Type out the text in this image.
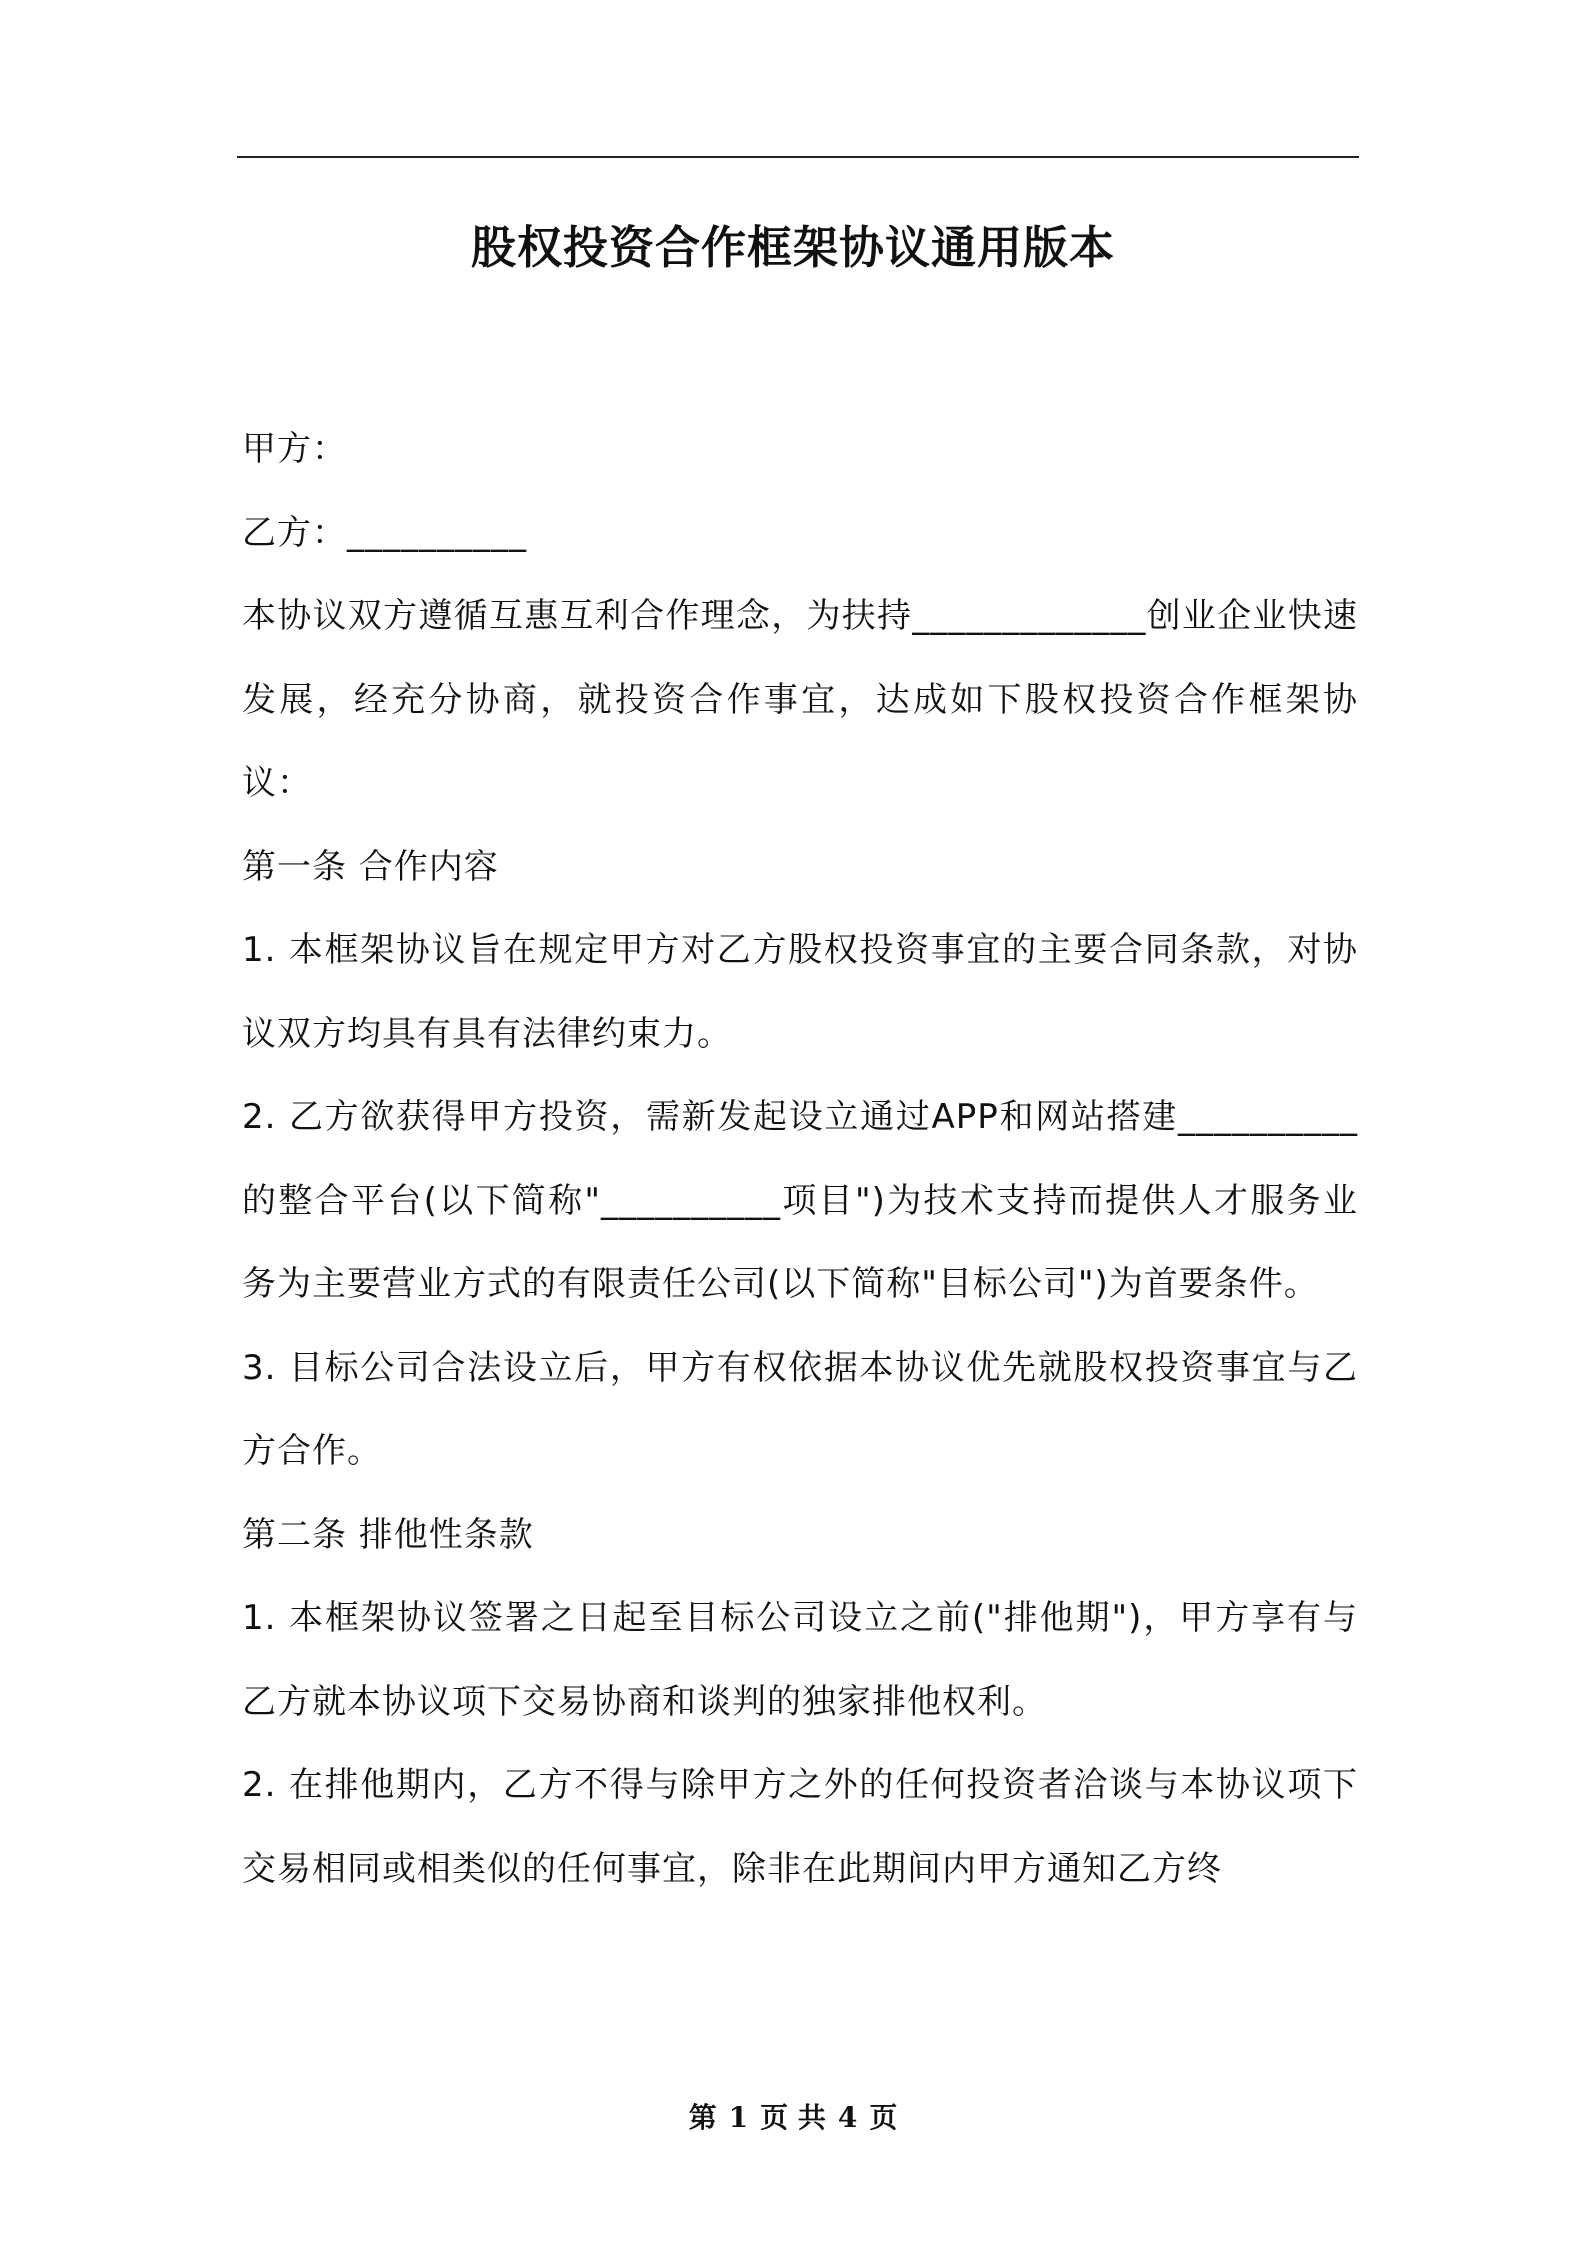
股权投资合作框架协议通用版本

甲方：

乙方：__________

本协议双方遵循互惠互利合作理念，为扶持_____________创业企业快速发展，经充分协商，就投资合作事宜，达成如下股权投资合作框架协议：

第一条 合作内容

1. 本框架协议旨在规定甲方对乙方股权投资事宜的主要合同条款，对协议双方均具有具有法律约束力。

2. 乙方欲获得甲方投资，需新发起设立通过APP和网站搭建__________的整合平台(以下简称"__________项目")为技术支持而提供人才服务业务为主要营业方式的有限责任公司(以下简称"目标公司")为首要条件。

3. 目标公司合法设立后，甲方有权依据本协议优先就股权投资事宜与乙方合作。

第二条 排他性条款

1. 本框架协议签署之日起至目标公司设立之前("排他期")，甲方享有与乙方就本协议项下交易协商和谈判的独家排他权利。

2. 在排他期内，乙方不得与除甲方之外的任何投资者洽谈与本协议项下交易相同或相类似的任何事宜，除非在此期间内甲方通知乙方终

第 1 页 共 4 页
